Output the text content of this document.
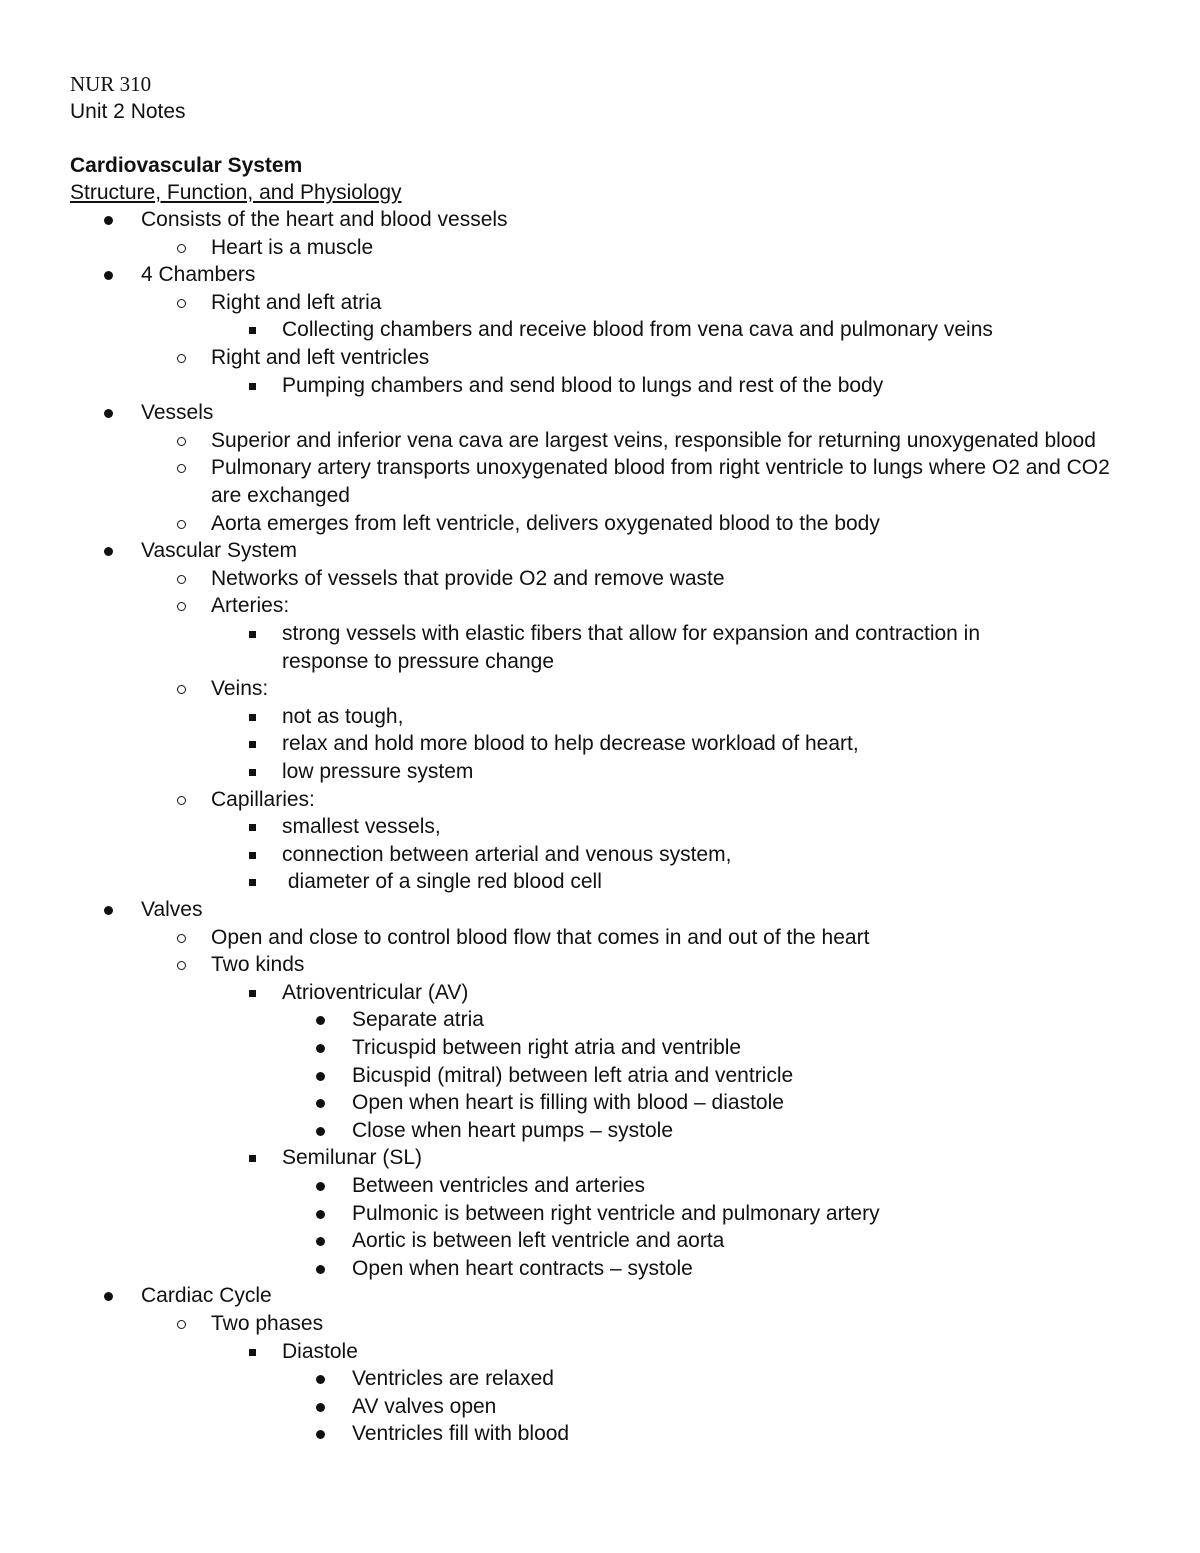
NUR 310
Unit 2 Notes
Cardiovascular System
Structure, Function, and Physiology
Consists of the heart and blood vessels
Heart is a muscle
4 Chambers
Right and left atria
Collecting chambers and receive blood from vena cava and pulmonary veins
Right and left ventricles
Pumping chambers and send blood to lungs and rest of the body
Vessels
Superior and inferior vena cava are largest veins, responsible for returning unoxygenated blood
Pulmonary artery transports unoxygenated blood from right ventricle to lungs where O2 and CO2 are exchanged
Aorta emerges from left ventricle, delivers oxygenated blood to the body
Vascular System
Networks of vessels that provide O2 and remove waste
Arteries:
strong vessels with elastic fibers that allow for expansion and contraction in response to pressure change
Veins:
not as tough,
relax and hold more blood to help decrease workload of heart,
low pressure system
Capillaries:
smallest vessels,
connection between arterial and venous system,
diameter of a single red blood cell
Valves
Open and close to control blood flow that comes in and out of the heart
Two kinds
Atrioventricular (AV)
Separate atria
Tricuspid between right atria and ventrible
Bicuspid (mitral) between left atria and ventricle
Open when heart is filling with blood – diastole
Close when heart pumps – systole
Semilunar (SL)
Between ventricles and arteries
Pulmonic is between right ventricle and pulmonary artery
Aortic is between left ventricle and aorta
Open when heart contracts – systole
Cardiac Cycle
Two phases
Diastole
Ventricles are relaxed
AV valves open
Ventricles fill with blood
